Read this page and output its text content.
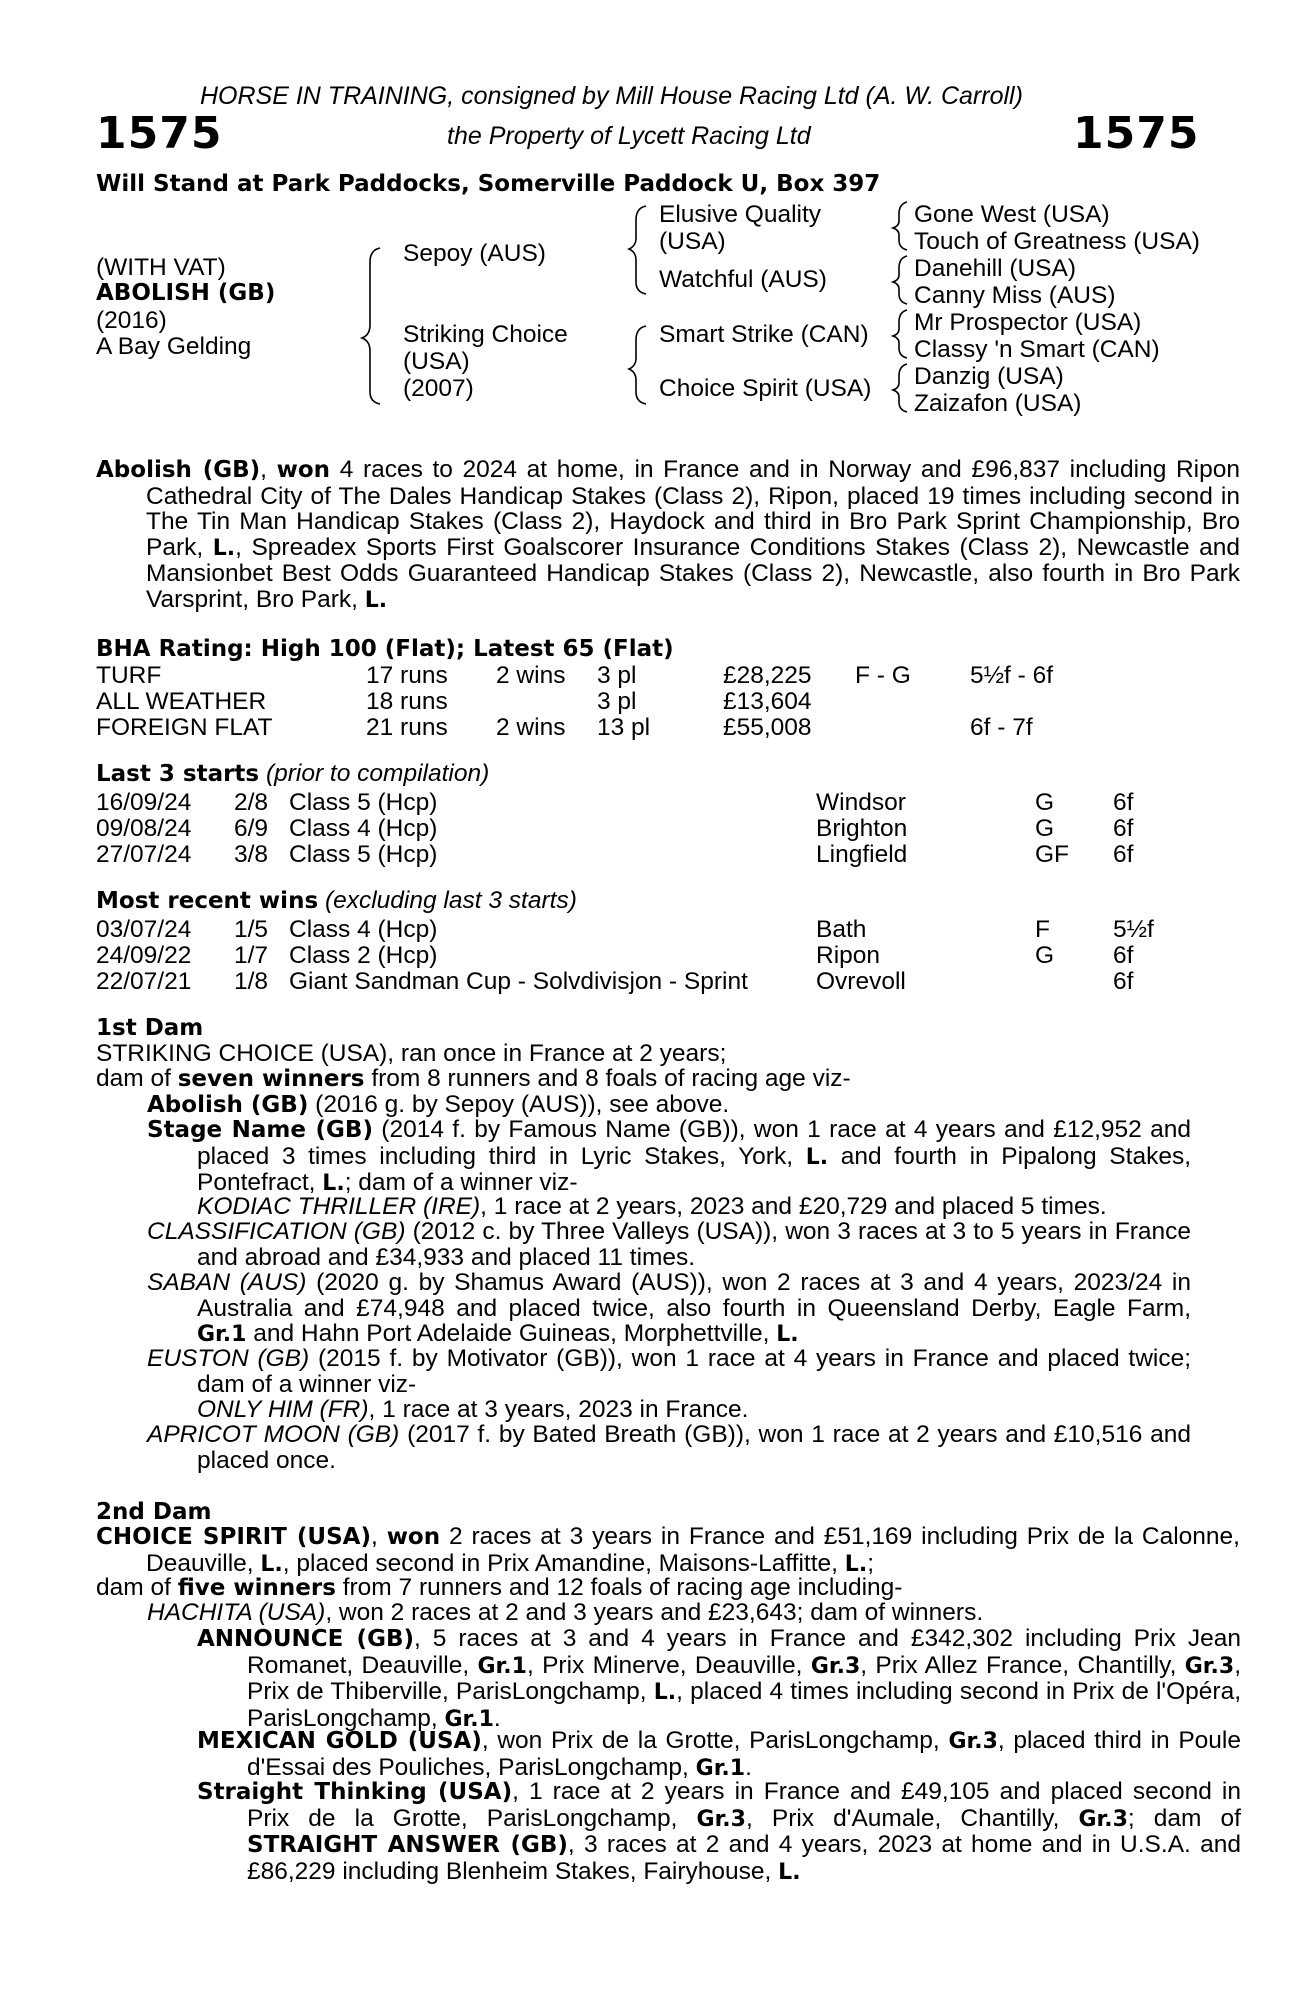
HORSE IN TRAINING, consigned by Mill House Racing Ltd (A. W. Carroll)
1575	the Property of Lycett Racing Ltd	1575
Will Stand at Park Paddocks, Somerville Paddock U, Box 397
(WITH VAT)
ABOLISH (GB)
(2016)
A Bay Gelding
Sepoy (AUS)
Striking Choice
(USA)
(2007)
Elusive Quality
(USA)
Watchful (AUS)
Smart Strike (CAN)
Choice Spirit (USA)
Gone West (USA)
Touch of Greatness (USA)
Danehill (USA)
Canny Miss (AUS)
Mr Prospector (USA)
Classy 'n Smart (CAN)
Danzig (USA)
Zaizafon (USA)
Abolish (GB), won 4 races to 2024 at home, in France and in Norway and £96,837 including Ripon Cathedral City of The Dales Handicap Stakes (Class 2), Ripon, placed 19 times including second in The Tin Man Handicap Stakes (Class 2), Haydock and third in Bro Park Sprint Championship, Bro Park, L., Spreadex Sports First Goalscorer Insurance Conditions Stakes (Class 2), Newcastle and Mansionbet Best Odds Guaranteed Handicap Stakes (Class 2), Newcastle, also fourth in Bro Park Varsprint, Bro Park, L.
BHA Rating: High 100 (Flat); Latest 65 (Flat)
TURF	17 runs 2 wins 3 pl	£28,225 F - G 5½f - 6f
ALL WEATHER	18 runs	3 pl	£13,604
FOREIGN FLAT	21 runs 2 wins 13 pl	£55,008	6f - 7f
Last 3 starts (prior to compilation)
16/09/24 2/8 Class 5 (Hcp)	Windsor	G 6f
09/08/24 6/9 Class 4 (Hcp)	Brighton	G 6f
27/07/24 3/8 Class 5 (Hcp)	Lingfield	GF 6f
Most recent wins (excluding last 3 starts)
03/07/24 1/5 Class 4 (Hcp)	Bath	F	5½f
24/09/22 1/7 Class 2 (Hcp)	Ripon	G 6f
22/07/21 1/8 Giant Sandman Cup - Solvdivisjon - Sprint	Ovrevoll	6f
1st Dam
STRIKING CHOICE (USA), ran once in France at 2 years;
dam of seven winners from 8 runners and 8 foals of racing age viz-
Abolish (GB) (2016 g. by Sepoy (AUS)), see above.
Stage Name (GB) (2014 f. by Famous Name (GB)), won 1 race at 4 years and £12,952 and placed 3 times including third in Lyric Stakes, York, L. and fourth in Pipalong Stakes, Pontefract, L.; dam of a winner viz-
KODIAC THRILLER (IRE), 1 race at 2 years, 2023 and £20,729 and placed 5 times.
CLASSIFICATION (GB) (2012 c. by Three Valleys (USA)), won 3 races at 3 to 5 years in France and abroad and £34,933 and placed 11 times.
SABAN (AUS) (2020 g. by Shamus Award (AUS)), won 2 races at 3 and 4 years, 2023/24 in Australia and £74,948 and placed twice, also fourth in Queensland Derby, Eagle Farm, Gr.1 and Hahn Port Adelaide Guineas, Morphettville, L.
EUSTON (GB) (2015 f. by Motivator (GB)), won 1 race at 4 years in France and placed twice; dam of a winner viz-
ONLY HIM (FR), 1 race at 3 years, 2023 in France.
APRICOT MOON (GB) (2017 f. by Bated Breath (GB)), won 1 race at 2 years and £10,516 and placed once.
2nd Dam
CHOICE SPIRIT (USA), won 2 races at 3 years in France and £51,169 including Prix de la Calonne, Deauville, L., placed second in Prix Amandine, Maisons-Laffitte, L.;
dam of five winners from 7 runners and 12 foals of racing age including-
HACHITA (USA), won 2 races at 2 and 3 years and £23,643; dam of winners.
ANNOUNCE (GB), 5 races at 3 and 4 years in France and £342,302 including Prix Jean Romanet, Deauville, Gr.1, Prix Minerve, Deauville, Gr.3, Prix Allez France, Chantilly, Gr.3, Prix de Thiberville, ParisLongchamp, L., placed 4 times including second in Prix de l'Opéra, ParisLongchamp, Gr.1.
MEXICAN GOLD (USA), won Prix de la Grotte, ParisLongchamp, Gr.3, placed third in Poule d'Essai des Pouliches, ParisLongchamp, Gr.1.
Straight Thinking (USA), 1 race at 2 years in France and £49,105 and placed second in Prix de la Grotte, ParisLongchamp, Gr.3, Prix d'Aumale, Chantilly, Gr.3; dam of STRAIGHT ANSWER (GB), 3 races at 2 and 4 years, 2023 at home and in U.S.A. and £86,229 including Blenheim Stakes, Fairyhouse, L.
